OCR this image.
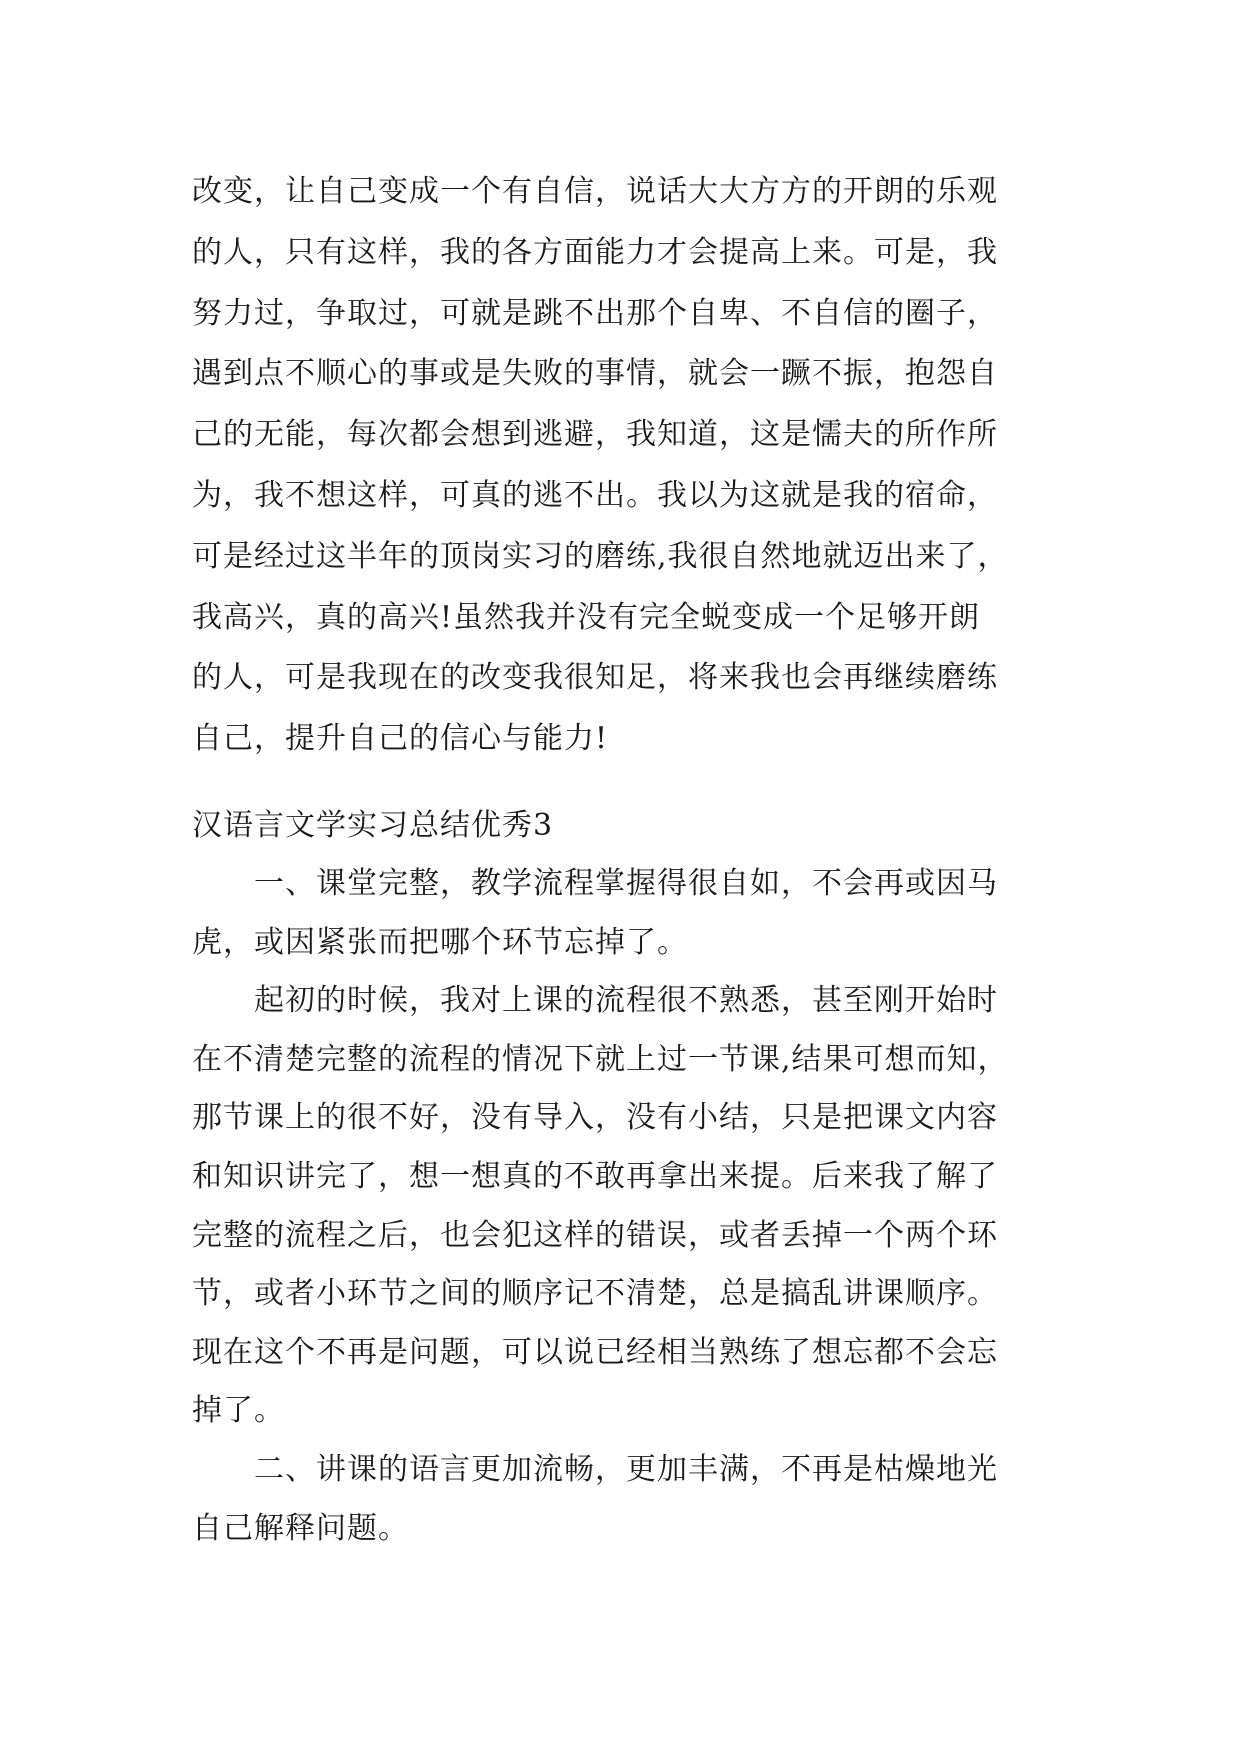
改变，让自己变成一个有自信，说话大大方方的开朗的乐观
的人，只有这样，我的各方面能力才会提高上来。可是，我
努力过，争取过，可就是跳不出那个自卑、不自信的圈子，
遇到点不顺心的事或是失败的事情，就会一蹶不振，抱怨自
己的无能，每次都会想到逃避，我知道，这是懦夫的所作所
为，我不想这样，可真的逃不出。我以为这就是我的宿命，
可是经过这半年的顶岗实习的磨练,我很自然地就迈出来了，
我高兴，真的高兴!虽然我并没有完全蜕变成一个足够开朗
的人，可是我现在的改变我很知足，将来我也会再继续磨练
自己，提升自己的信心与能力!
汉语言文学实习总结优秀3
一、课堂完整，教学流程掌握得很自如，不会再或因马
虎，或因紧张而把哪个环节忘掉了。
起初的时候，我对上课的流程很不熟悉，甚至刚开始时
在不清楚完整的流程的情况下就上过一节课,结果可想而知，
那节课上的很不好，没有导入，没有小结，只是把课文内容
和知识讲完了，想一想真的不敢再拿出来提。后来我了解了
完整的流程之后，也会犯这样的错误，或者丢掉一个两个环
节，或者小环节之间的顺序记不清楚，总是搞乱讲课顺序。
现在这个不再是问题，可以说已经相当熟练了想忘都不会忘
掉了。
二、讲课的语言更加流畅，更加丰满，不再是枯燥地光
自己解释问题。
